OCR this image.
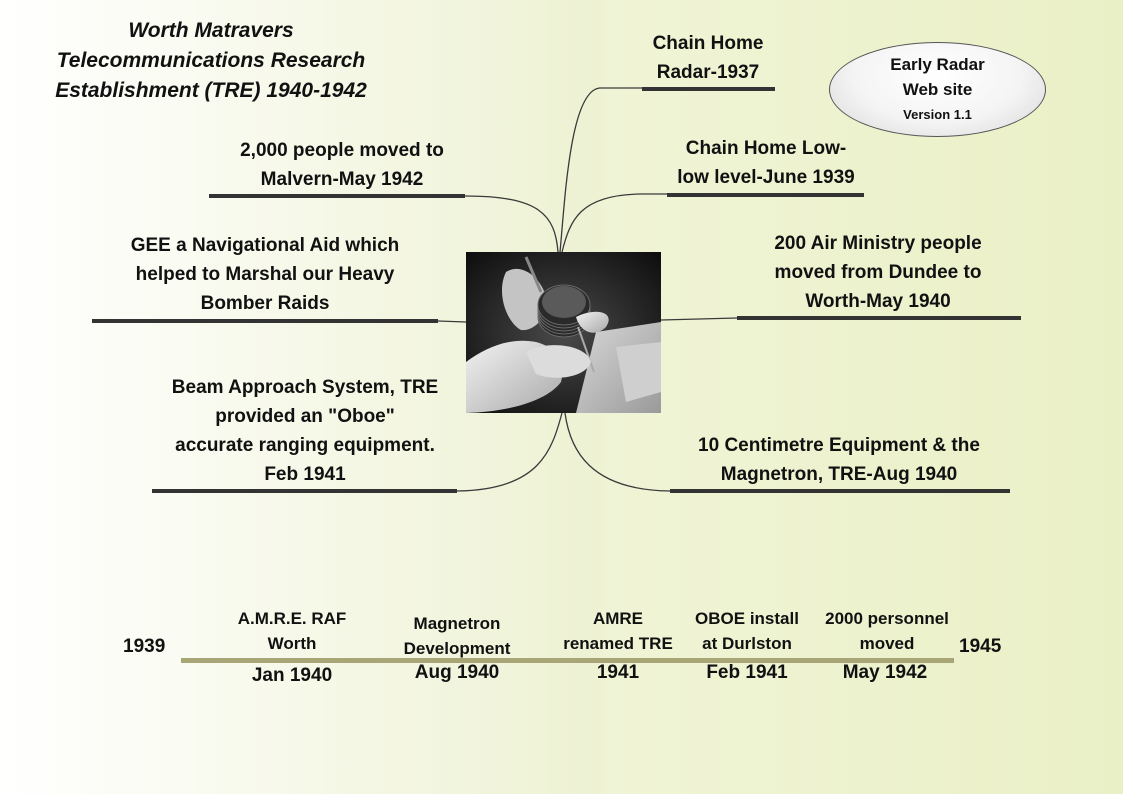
Worth Matravers
Telecommunications Research
Establishment (TRE) 1940-1942
Chain Home
Radar-1937
Chain Home Low-
low level-June 1939
200 Air Ministry people
moved from Dundee to
Worth-May 1940
10 Centimetre Equipment & the
Magnetron, TRE-Aug 1940
2,000 people moved to
Malvern-May 1942
GEE a Navigational Aid which
helped to Marshal our Heavy
Bomber Raids
Beam Approach System, TRE
provided an "Oboe"
accurate ranging equipment.
Feb 1941
Early Radar
Web site
Version 1.1
1939	1945
A.M.R.E. RAF
Worth
Jan 1940
Magnetron
Development
Aug 1940
AMRE
renamed TRE
1941
OBOE install
at Durlston
Feb 1941
2000 personnel
moved
May 1942
